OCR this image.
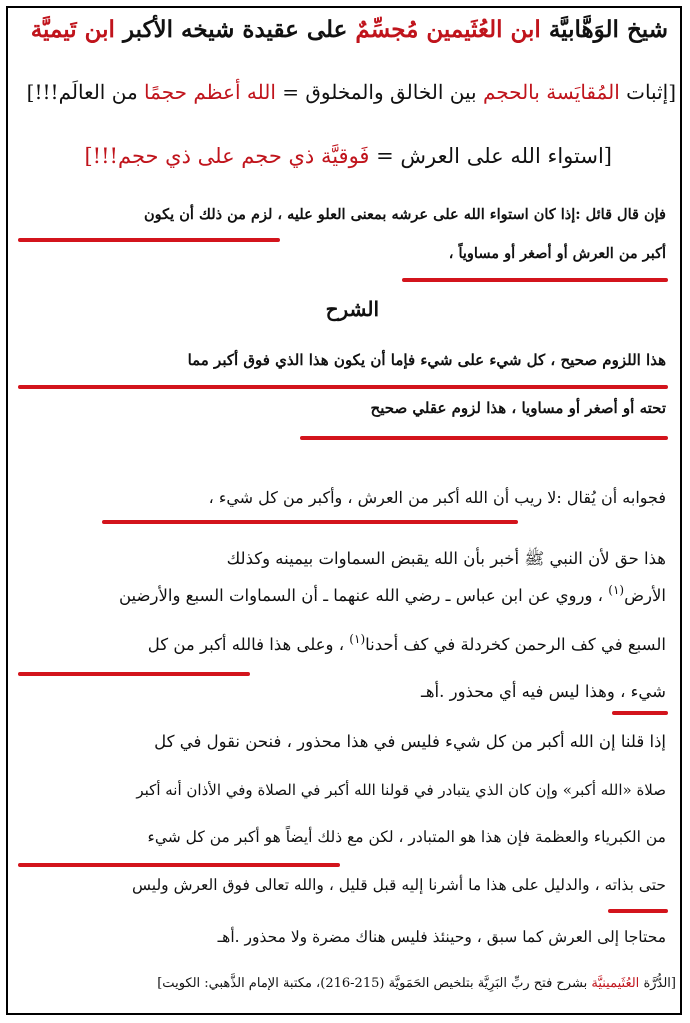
شيخ الوَهَّابيَّة ابن العُثَيمين مُجسِّمٌ على عقيدة شيخه الأكبر ابن تَيميَّة
[إثبات المُقايَسة بالحجم بين الخالق والمخلوق = الله أعظم حجمًا من العالَم!!!]
[استواء الله على العرش = فَوقيَّة ذي حجم على ذي حجم!!!]
فإن قال قائل :إذا كان استواء الله على عرشه بمعنى العلو عليه ، لزم من ذلك أن يكون
أكبر من العرش أو أصغر أو مساوياً ،
الشرح
هذا اللزوم صحيح ، كل شيء على شيء فإما أن يكون هذا الذي فوق أكبر مما
تحته أو أصغر أو مساويا ، هذا لزوم عقلي صحيح
فجوابه أن يُقال :لا ريب أن الله أكبر من العرش ، وأكبر من كل شيء ،
هذا حق لأن النبي ﷺ أخبر بأن الله يقبض السماوات بيمينه وكذلك
الأرض$^{(١)}$ ، وروي عن ابن عباس ـ رضي الله عنهما ـ أن السماوات السبع والأرضين
السبع في كف الرحمن كخردلة في كف أحدنا$^{(١)}$ ، وعلى هذا فالله أكبر من كل
شيء ، وهذا ليس فيه أي محذور .أهـ
إذا قلنا إن الله أكبر من كل شيء فليس في هذا محذور ، فنحن نقول في كل
صلاة «الله أكبر» وإن كان الذي يتبادر في قولنا الله أكبر في الصلاة وفي الأذان أنه أكبر
من الكبرياء والعظمة فإن هذا هو المتبادر ، لكن مع ذلك أيضاً هو أكبر من كل شيء
حتى بذاته ، والدليل على هذا ما أشرنا إليه قبل قليل ، والله تعالى فوق العرش وليس
محتاجا إلى العرش كما سبق ، وحينئذ فليس هناك مضرة ولا محذور .أهـ
[الدُّرَّة العُثَيمينيَّة بشرح فتح ربِّ البَرِيَّة بتلخيص الحَمَويَّة (215-216)، مكتبة الإمام الذَّهبي: الكويت]
